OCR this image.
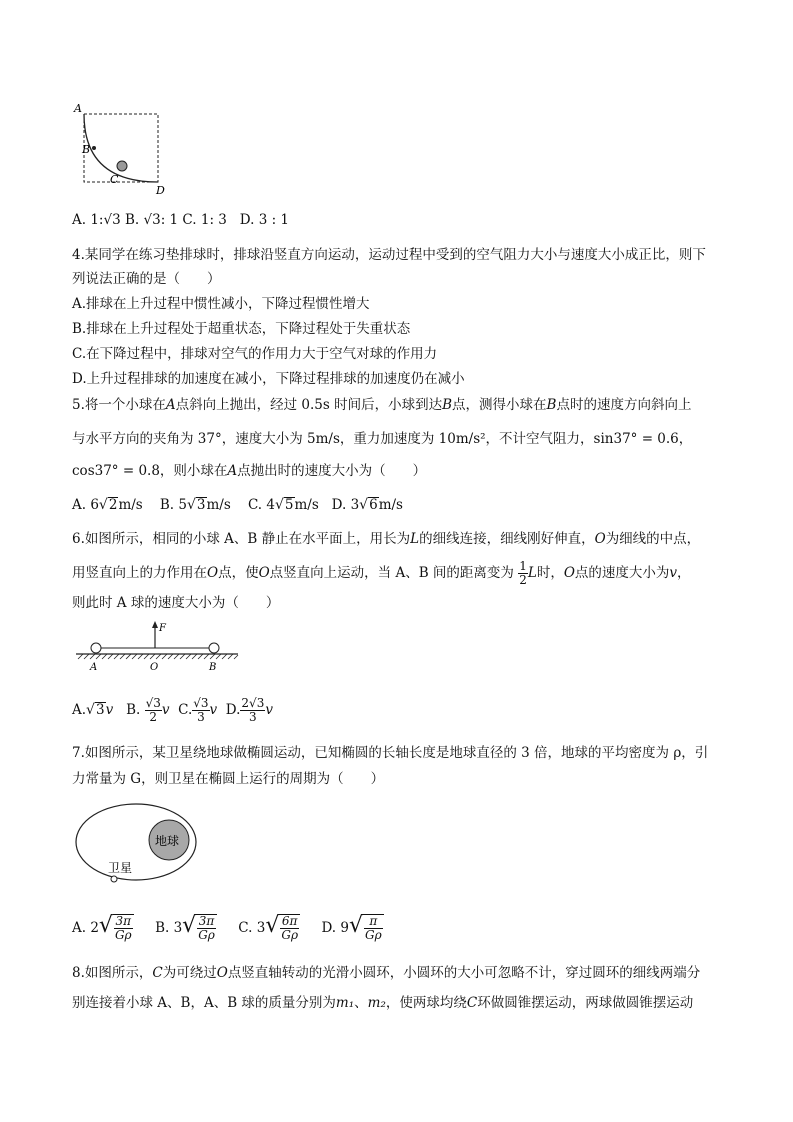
A
B
C
D
A. 1:√3 B. √3: 1 C. 1: 3 D. 3 : 1
4.某同学在练习垫排球时，排球沿竖直方向运动，运动过程中受到的空气阻力大小与速度大小成正比，则下
列说法正确的是（　　）
A.排球在上升过程中惯性减小，下降过程惯性增大
B.排球在上升过程处于超重状态，下降过程处于失重状态
C.在下降过程中，排球对空气的作用力大于空气对球的作用力
D.上升过程排球的加速度在减小，下降过程排球的加速度仍在减小
5.将一个小球在A点斜向上抛出，经过 0.5s 时间后，小球到达B点，测得小球在B点时的速度方向斜向上
与水平方向的夹角为 37°，速度大小为 5m/s，重力加速度为 10m/s²，不计空气阻力，sin37° = 0.6，
cos37° = 0.8，则小球在A点抛出时的速度大小为（　　）
A. 6√2m/s B. 5√3m/s C. 4√5m/s D. 3√6m/s
6.如图所示，相同的小球 A、B 静止在水平面上，用长为L的细线连接，细线刚好伸直，O为细线的中点，
用竖直向上的力作用在O点，使O点竖直向上运动，当 A、B 间的距离变为 $\frac{1}{2}$ L时，O点的速度大小为v，
则此时 A 球的速度大小为（　　）
F
A	O	B
A.√3v B. $\frac{√3}{2}$ v C. $\frac{√3}{3}$ v D. $\frac{2√3}{3}$ v
7.如图所示，某卫星绕地球做椭圆运动，已知椭圆的长轴长度是地球直径的 3 倍，地球的平均密度为 ρ，引
力常量为 G，则卫星在椭圆上运行的周期为（　　）
地球
卫星
A. $2√ \frac{3\pi}{G\rho} B$. $3√ \frac{3\pi}{G\rho} C$. $3√ \frac{6\pi}{G\rho} D$. $9√ \frac{\pi}{G\rho}$
8.如图所示，C为可绕过O点竖直轴转动的光滑小圆环，小圆环的大小可忽略不计，穿过圆环的细线两端分
别连接着小球 A、B，A、B 球的质量分别为m₁、m₂，使两球均绕C环做圆锥摆运动，两球做圆锥摆运动
